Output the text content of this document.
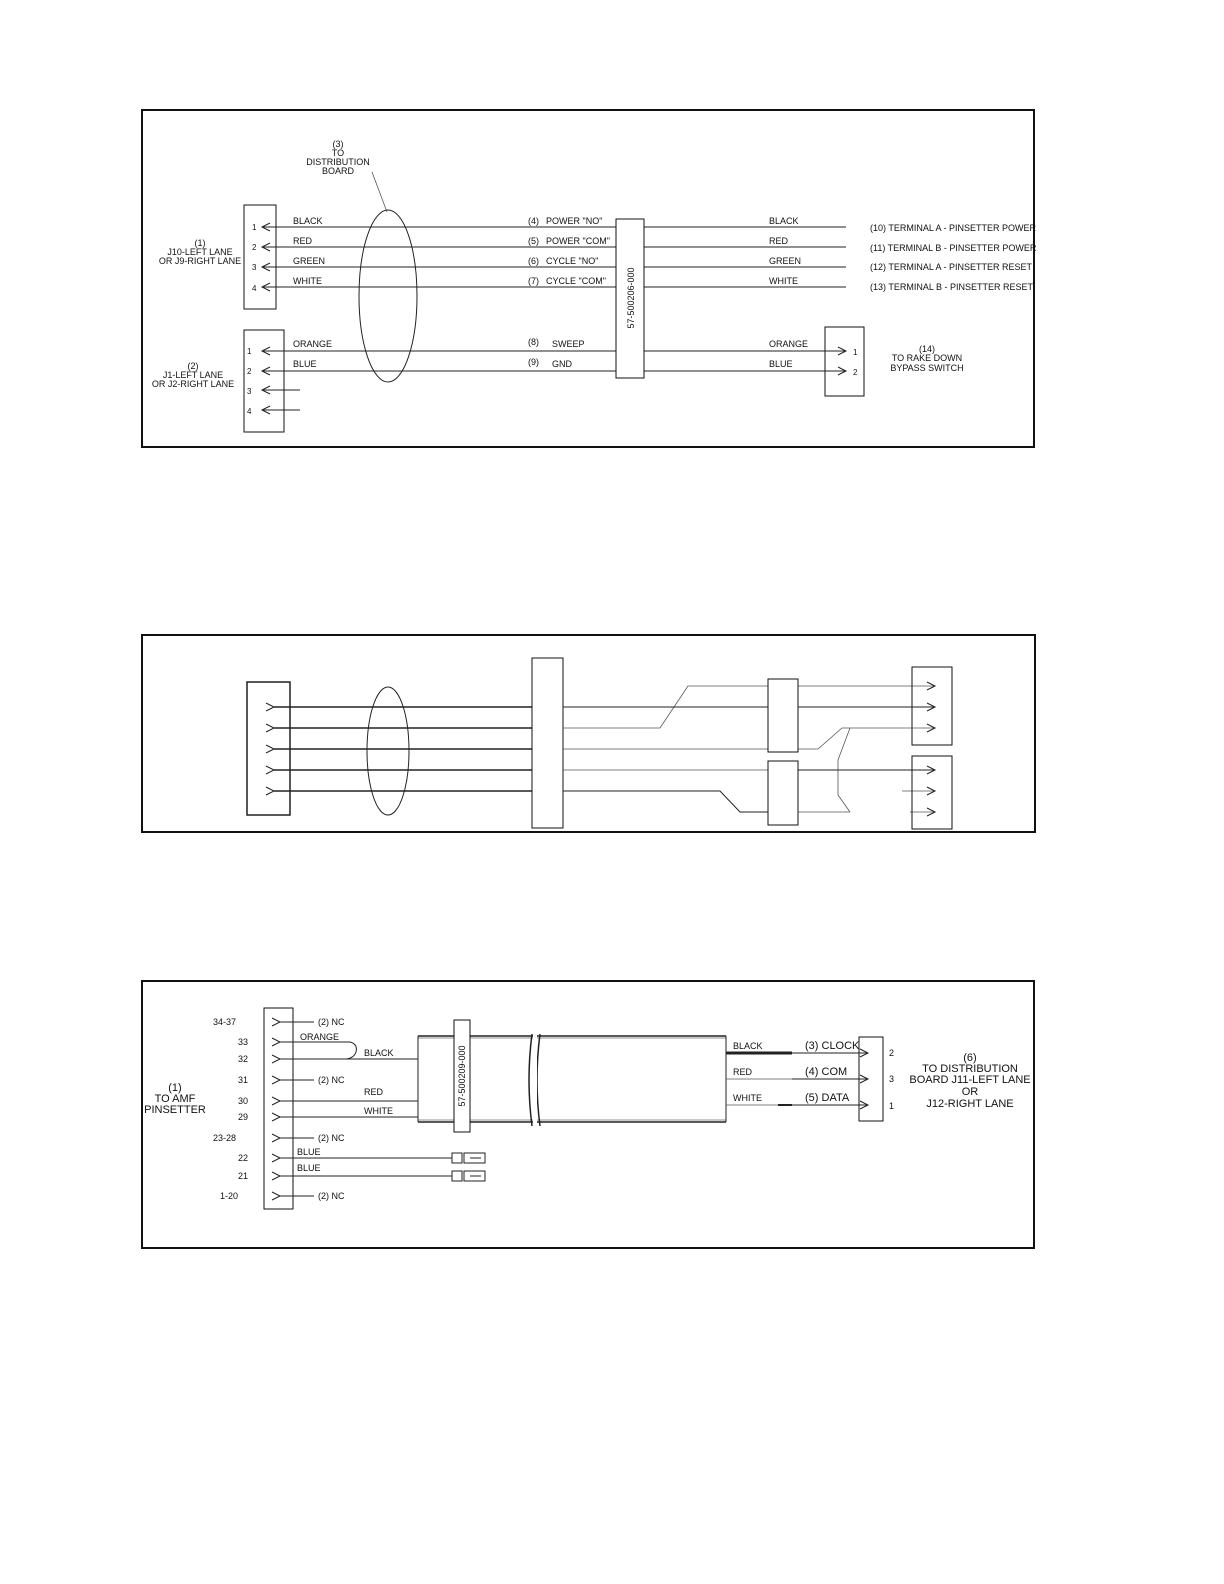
(3)
TO
DISTRIBUTION
BOARD
(1)
J10-LEFT LANE
OR J9-RIGHT LANE
1
2
3
4
(2)
J1-LEFT LANE
OR J2-RIGHT LANE
1
2
3
4
BLACK
RED
GREEN
WHITE
ORANGE
BLUE
(4)
(5)
(6)
(7)
(8)
(9)
POWER "NO"
POWER "COM"
CYCLE "NO"
CYCLE "COM"
SWEEP
GND
57-500206-000
BLACK
RED
GREEN
WHITE
ORANGE
BLUE
(10) TERMINAL A - PINSETTER POWER
(11) TERMINAL B - PINSETTER POWER
(12) TERMINAL A - PINSETTER RESET
(13) TERMINAL B - PINSETTER RESET
1
2
(14)
TO RAKE DOWN
BYPASS SWITCH
(1)
TO AMF
PINSETTER
34-37
33
32
31
30
29
23-28
22
21
1-20
(2) NC
(2) NC
(2) NC
(2) NC
ORANGE
BLACK
RED
WHITE
BLUE
BLUE
57-500209-000	BLACK
RED
WHITE
(3) CLOCK
(4) COM
(5) DATA
2
3
1
(6)
TO DISTRIBUTION
BOARD J11-LEFT LANE
OR
J12-RIGHT LANE
